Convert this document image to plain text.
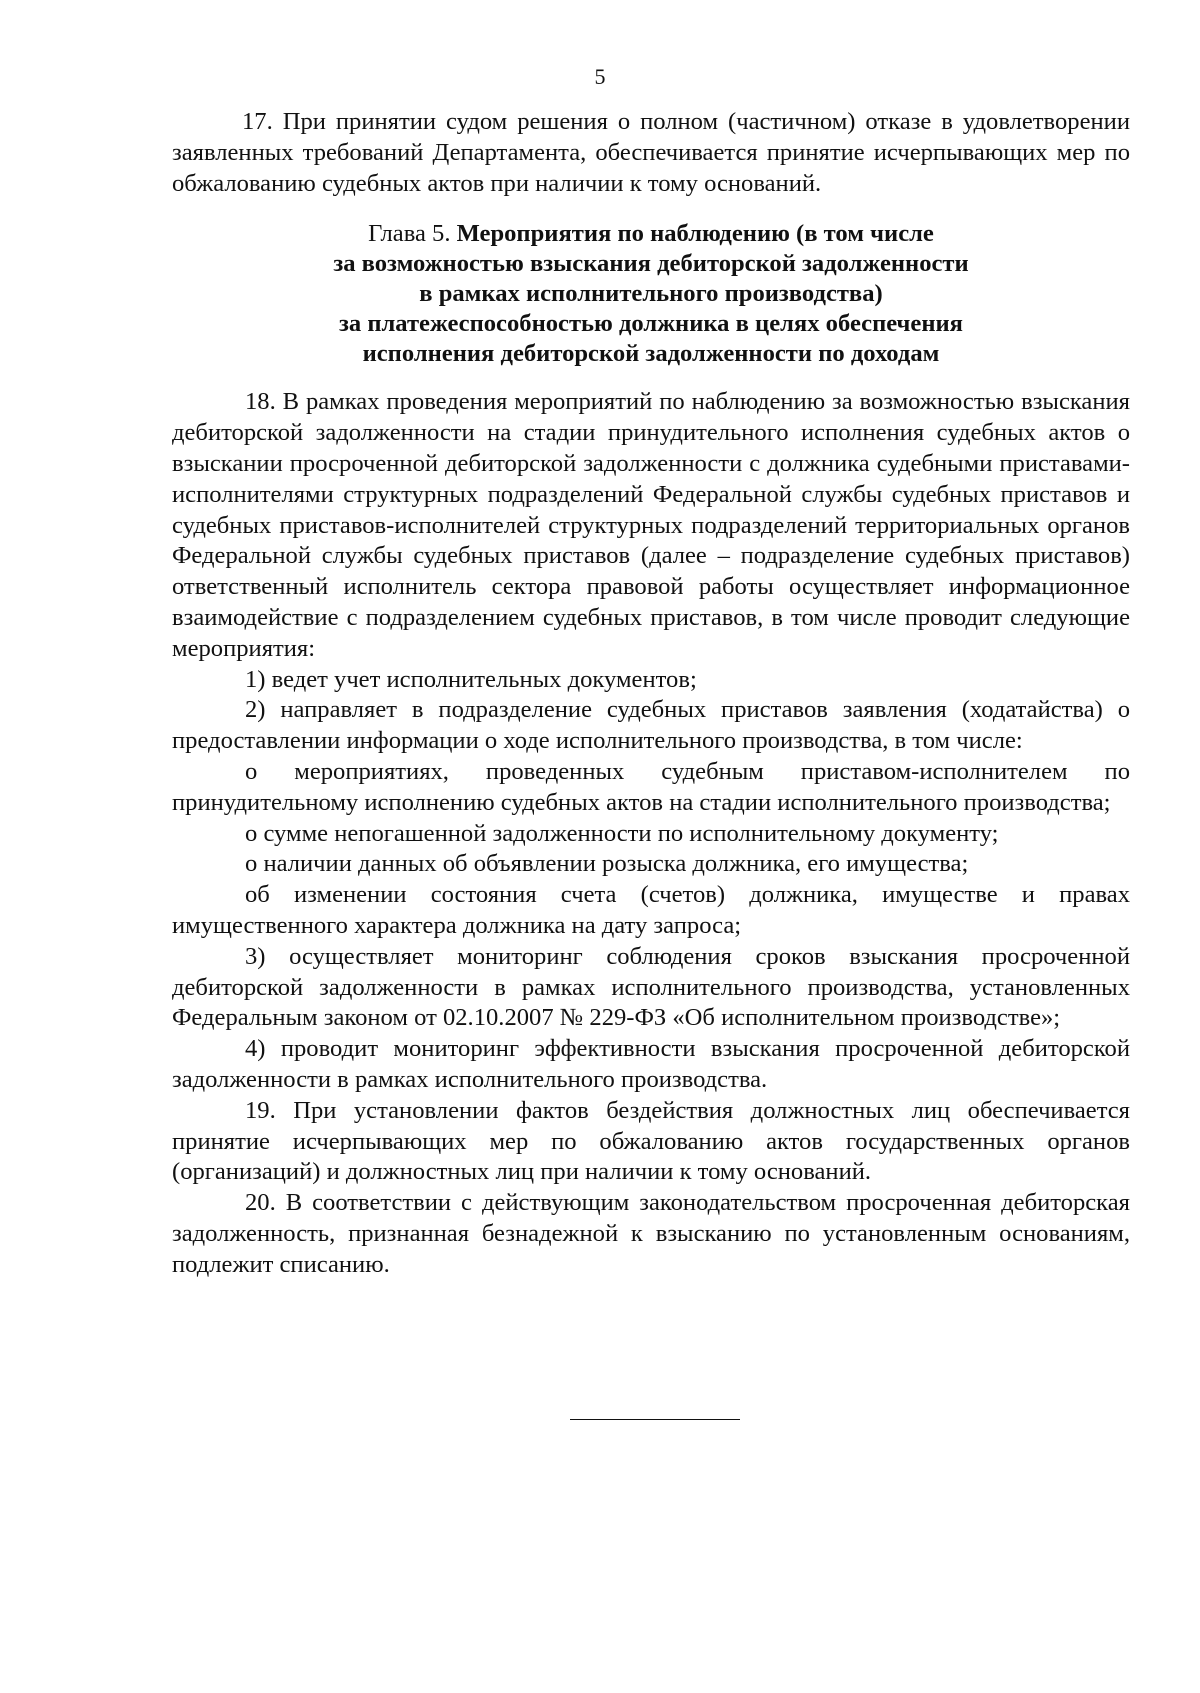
5

17. При принятии судом решения о полном (частичном) отказе в удовлетворении заявленных требований Департамента, обеспечивается принятие исчерпывающих мер по обжалованию судебных актов при наличии к тому оснований.

Глава 5. Мероприятия по наблюдению (в том числе
за возможностью взыскания дебиторской задолженности
в рамках исполнительного производства)
за платежеспособностью должника в целях обеспечения
исполнения дебиторской задолженности по доходам

18. В рамках проведения мероприятий по наблюдению за возможностью взыскания дебиторской задолженности на стадии принудительного исполнения судебных актов о взыскании просроченной дебиторской задолженности с должника судебными приставами-исполнителями структурных подразделений Федеральной службы судебных приставов и судебных приставов-исполнителей структурных подразделений территориальных органов Федеральной службы судебных приставов (далее – подразделение судебных приставов) ответственный исполнитель сектора правовой работы осуществляет информационное взаимодействие с подразделением судебных приставов, в том числе проводит следующие мероприятия:

1) ведет учет исполнительных документов;

2) направляет в подразделение судебных приставов заявления (ходатайства) о предоставлении информации о ходе исполнительного производства, в том числе:

о мероприятиях, проведенных судебным приставом-исполнителем по принудительному исполнению судебных актов на стадии исполнительного производства;

о сумме непогашенной задолженности по исполнительному документу;

о наличии данных об объявлении розыска должника, его имущества;

об изменении состояния счета (счетов) должника, имуществе и правах имущественного характера должника на дату запроса;

3) осуществляет мониторинг соблюдения сроков взыскания просроченной дебиторской задолженности в рамках исполнительного производства, установленных Федеральным законом от 02.10.2007 № 229-ФЗ «Об исполнительном производстве»;

4) проводит мониторинг эффективности взыскания просроченной дебиторской задолженности в рамках исполнительного производства.

19. При установлении фактов бездействия должностных лиц обеспечивается принятие исчерпывающих мер по обжалованию актов государственных органов (организаций) и должностных лиц при наличии к тому оснований.

20. В соответствии с действующим законодательством просроченная дебиторская задолженность, признанная безнадежной к взысканию по установленным основаниям, подлежит списанию.
